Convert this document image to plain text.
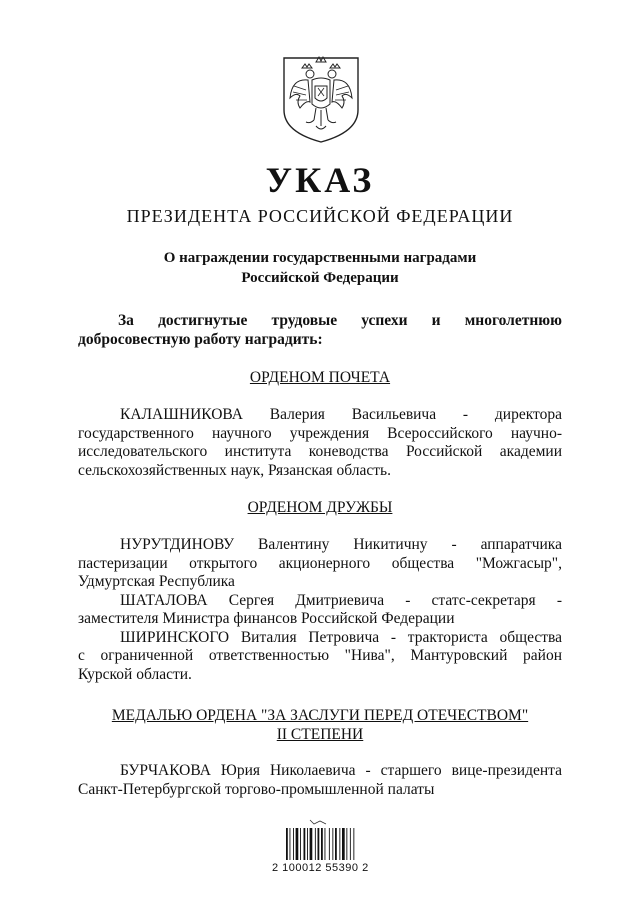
УКАЗ
ПРЕЗИДЕНТА РОССИЙСКОЙ ФЕДЕРАЦИИ
О награждении государственными наградами
Российской Федерации
За достигнутые трудовые успехи и многолетнюю
добросовестную работу наградить:
ОРДЕНОМ ПОЧЕТА
КАЛАШНИКОВА Валерия Васильевича - директора
государственного научного учреждения Всероссийского научно-
исследовательского института коневодства Российской академии
сельскохозяйственных наук, Рязанская область.
ОРДЕНОМ ДРУЖБЫ
НУРУТДИНОВУ Валентину Никитичну - аппаратчика
пастеризации открытого акционерного общества "Можгасыр",
Удмуртская Республика
ШАТАЛОВА Сергея Дмитриевича - статс-секретаря -
заместителя Министра финансов Российской Федерации
ШИРИНСКОГО Виталия Петровича - тракториста общества
с ограниченной ответственностью "Нива", Мантуровский район
Курской области.
МЕДАЛЬЮ ОРДЕНА "ЗА ЗАСЛУГИ ПЕРЕД ОТЕЧЕСТВОМ"
II СТЕПЕНИ
БУРЧАКОВА Юрия Николаевича - старшего вице-президента
Санкт-Петербургской торгово-промышленной палаты
2 100012 55390 2
